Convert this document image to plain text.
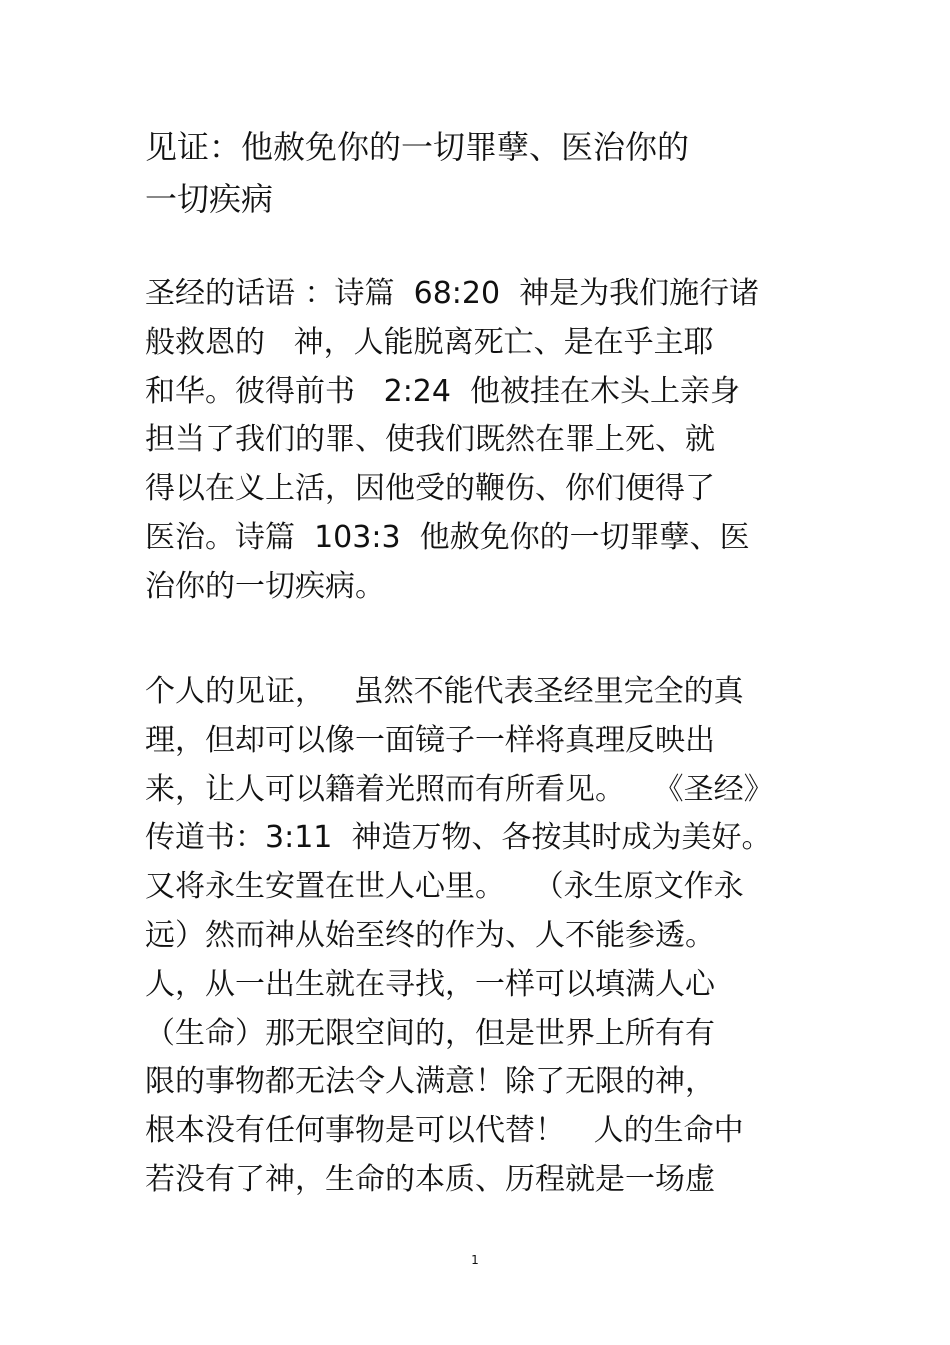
见证：他赦免你的一切罪孽、医治你的
一切疾病
圣经的话语 ：诗篇  68:20  神是为我们施行诸
般救恩的   神，人能脱离死亡、是在乎主耶
和华。彼得前书   2:24  他被挂在木头上亲身
担当了我们的罪、使我们既然在罪上死、就
得以在义上活，因他受的鞭伤、你们便得了
医治。诗篇  103:3  他赦免你的一切罪孽、医
治你的一切疾病。
个人的见证，   虽然不能代表圣经里完全的真
理，但却可以像一面镜子一样将真理反映出
来，让人可以籍着光照而有所看见。   《圣经》
传道书：3:11  神造万物、各按其时成为美好。
又将永生安置在世人心里。   （永生原文作永
远）然而神从始至终的作为、人不能参透。
人，从一出生就在寻找，一样可以填满人心
（生命）那无限空间的，但是世界上所有有
限的事物都无法令人满意！除了无限的神，
根本没有任何事物是可以代替！   人的生命中
若没有了神，生命的本质、历程就是一场虚
1
